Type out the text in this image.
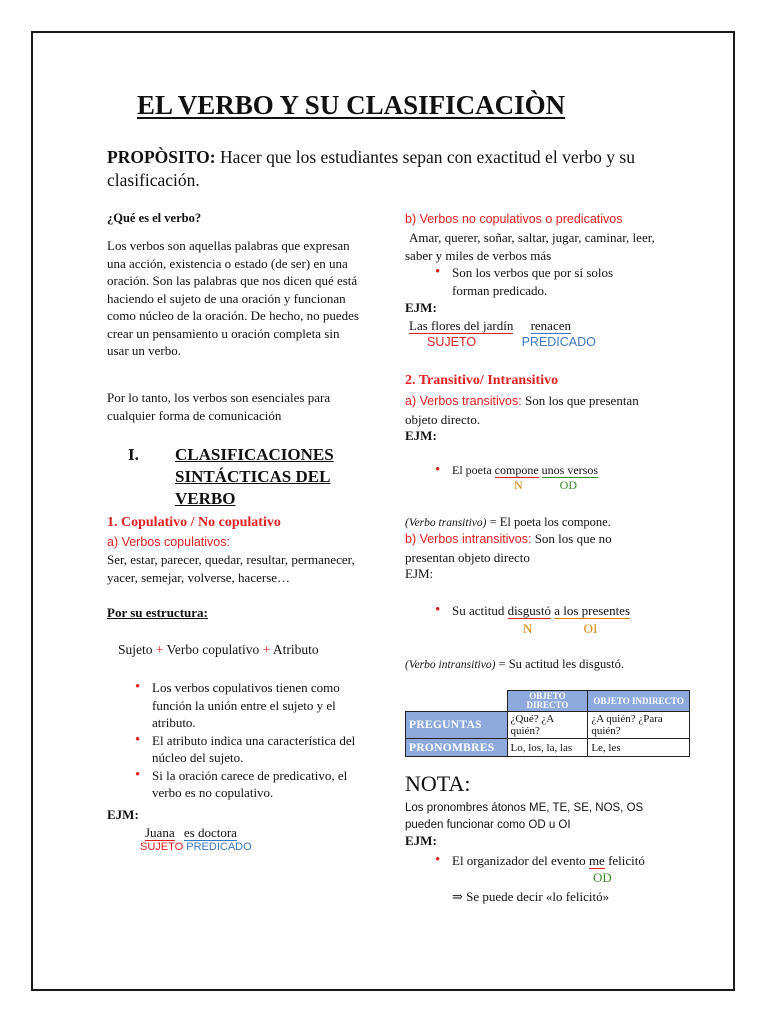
EL VERBO Y SU CLASIFICACIÒN
PROPÒSITO: Hacer que los estudiantes sepan con exactitud el verbo y su clasificación.
¿Qué es el verbo?
Los verbos son aquellas palabras que expresan una acción, existencia o estado (de ser) en una oración. Son las palabras que nos dicen qué está haciendo el sujeto de una oración y funcionan como núcleo de la oración. De hecho, no puedes crear un pensamiento u oración completa sin usar un verbo.
Por lo tanto, los verbos son esenciales para cualquier forma de comunicación
I. CLASIFICACIONES SINTÁCTICAS DEL VERBO
1. Copulativo / No copulativo
a) Verbos copulativos:
Ser, estar, parecer, quedar, resultar, permanecer, yacer, semejar, volverse, hacerse…
Por su estructura:
Sujeto + Verbo copulativo + Atributo
• Los verbos copulativos tienen como función la unión entre el sujeto y el atributo.
• El atributo indica una característica del núcleo del sujeto.
• Si la oración carece de predicativo, el verbo es no copulativo.
EJM:
Juana es doctora
SUJETO PREDICADO
b) Verbos no copulativos o predicativos
Amar, querer, soñar, saltar, jugar, caminar, leer, saber y miles de verbos más
• Son los verbos que por sí solos forman predicado.
EJM:
Las flores del jardín renacen
SUJETO	PREDICADO
2. Transitivo/ Intransitivo
a) Verbos transitivos: Son los que presentan objeto directo.
EJM:
• El poeta compone unos versos
N	OD
(Verbo transitivo) = El poeta los compone.
b) Verbos intransitivos: Son los que no presentan objeto directo
EJM:
• Su actitud disgustó a los presentes
N	OI
(Verbo intransitivo) = Su actitud les disgustó.
	OBJETO DIRECTO	OBJETO INDIRECTO
PREGUNTAS	¿Qué? ¿A quién?	¿A quién? ¿Para quién?
PRONOMBRES	Lo, los, la, las	Le, les
NOTA:
Los pronombres átonos ME, TE, SE, NOS, OS pueden funcionar como OD u OI
EJM:
• El organizador del evento me felicitó
OD
⇒ Se puede decir «lo felicitó»
